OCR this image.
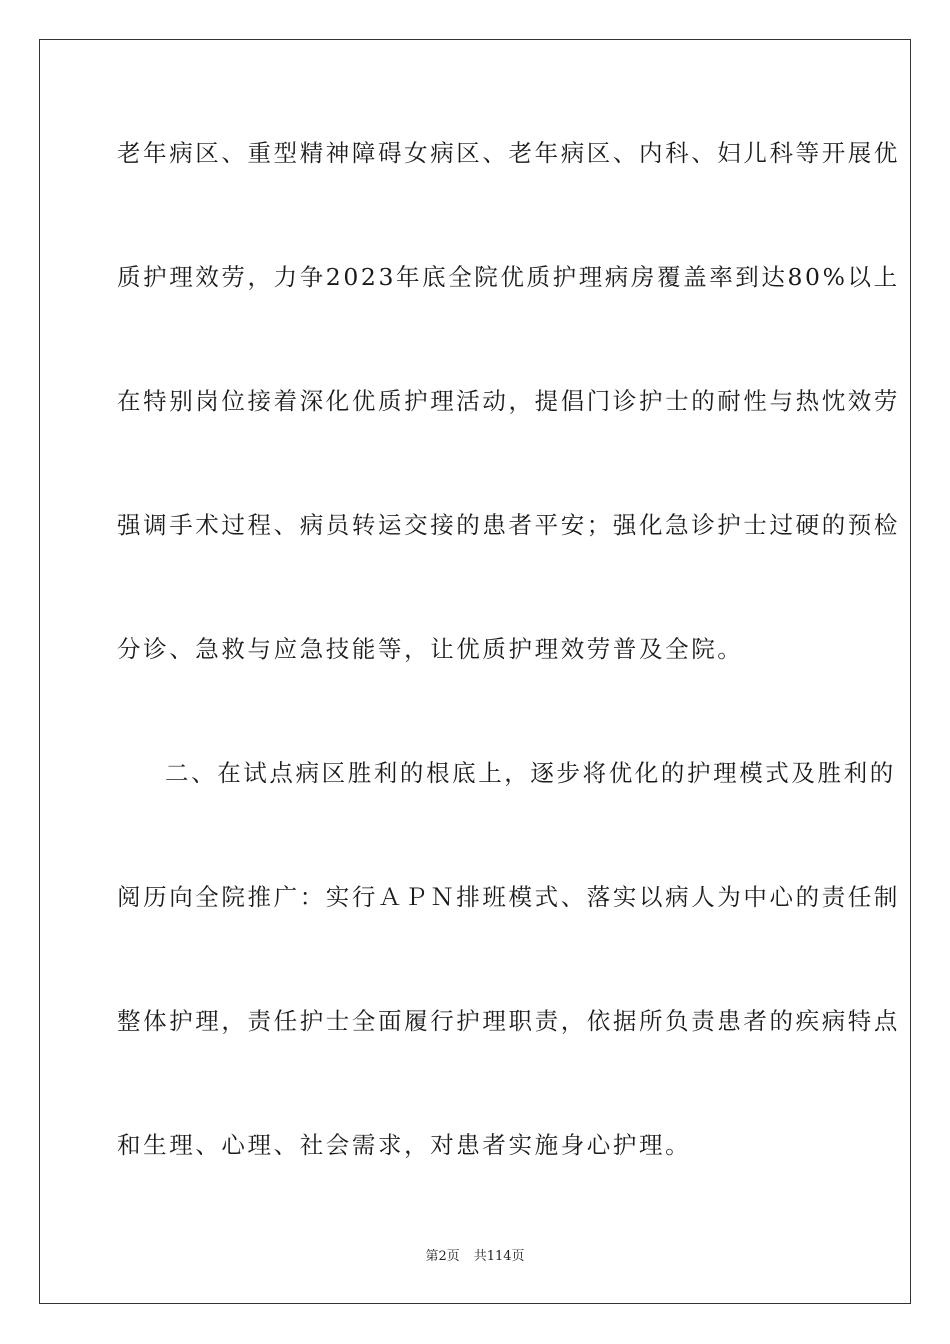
老年病区、重型精神障碍女病区、老年病区、内科、妇儿科等开展优
质护理效劳，力争2023年底全院优质护理病房覆盖率到达80%以上
在特别岗位接着深化优质护理活动，提倡门诊护士的耐性与热忱效劳
强调手术过程、病员转运交接的患者平安；强化急诊护士过硬的预检
分诊、急救与应急技能等，让优质护理效劳普及全院。
二、在试点病区胜利的根底上，逐步将优化的护理模式及胜利的
阅历向全院推广：实行ＡＰＮ排班模式、落实以病人为中心的责任制
整体护理，责任护士全面履行护理职责，依据所负责患者的疾病特点
和生理、心理、社会需求，对患者实施身心护理。
第2页 共114页
